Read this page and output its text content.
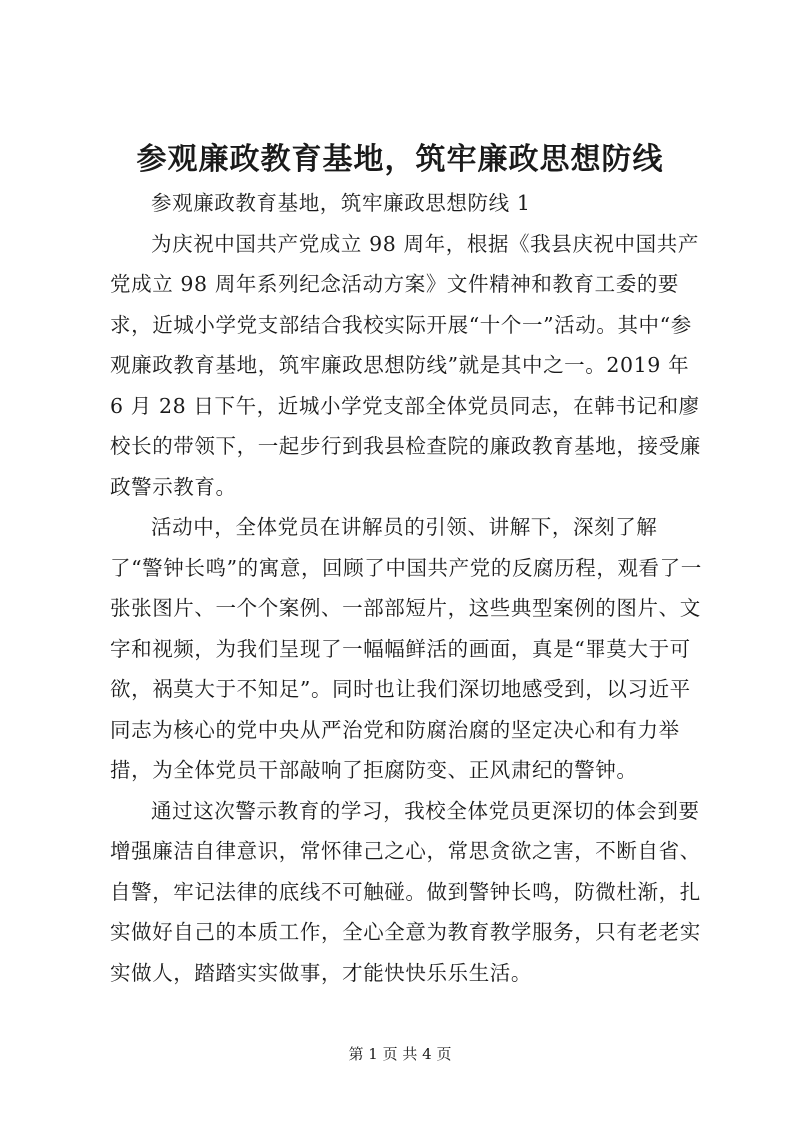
参观廉政教育基地，筑牢廉政思想防线

参观廉政教育基地，筑牢廉政思想防线 1

为庆祝中国共产党成立 98 周年，根据《我县庆祝中国共产党成立 98 周年系列纪念活动方案》文件精神和教育工委的要求，近城小学党支部结合我校实际开展“十个一”活动。其中“参观廉政教育基地，筑牢廉政思想防线”就是其中之一。2019 年 6 月 28 日下午，近城小学党支部全体党员同志，在韩书记和廖校长的带领下，一起步行到我县检查院的廉政教育基地，接受廉政警示教育。

活动中，全体党员在讲解员的引领、讲解下，深刻了解了“警钟长鸣”的寓意，回顾了中国共产党的反腐历程，观看了一张张图片、一个个案例、一部部短片，这些典型案例的图片、文字和视频，为我们呈现了一幅幅鲜活的画面，真是“罪莫大于可欲，祸莫大于不知足”。同时也让我们深切地感受到，以习近平同志为核心的党中央从严治党和防腐治腐的坚定决心和有力举措，为全体党员干部敲响了拒腐防变、正风肃纪的警钟。

通过这次警示教育的学习，我校全体党员更深切的体会到要增强廉洁自律意识，常怀律己之心，常思贪欲之害，不断自省、自警，牢记法律的底线不可触碰。做到警钟长鸣，防微杜渐，扎实做好自己的本质工作，全心全意为教育教学服务，只有老老实实做人，踏踏实实做事，才能快快乐乐生活。

第 1 页 共 4 页
